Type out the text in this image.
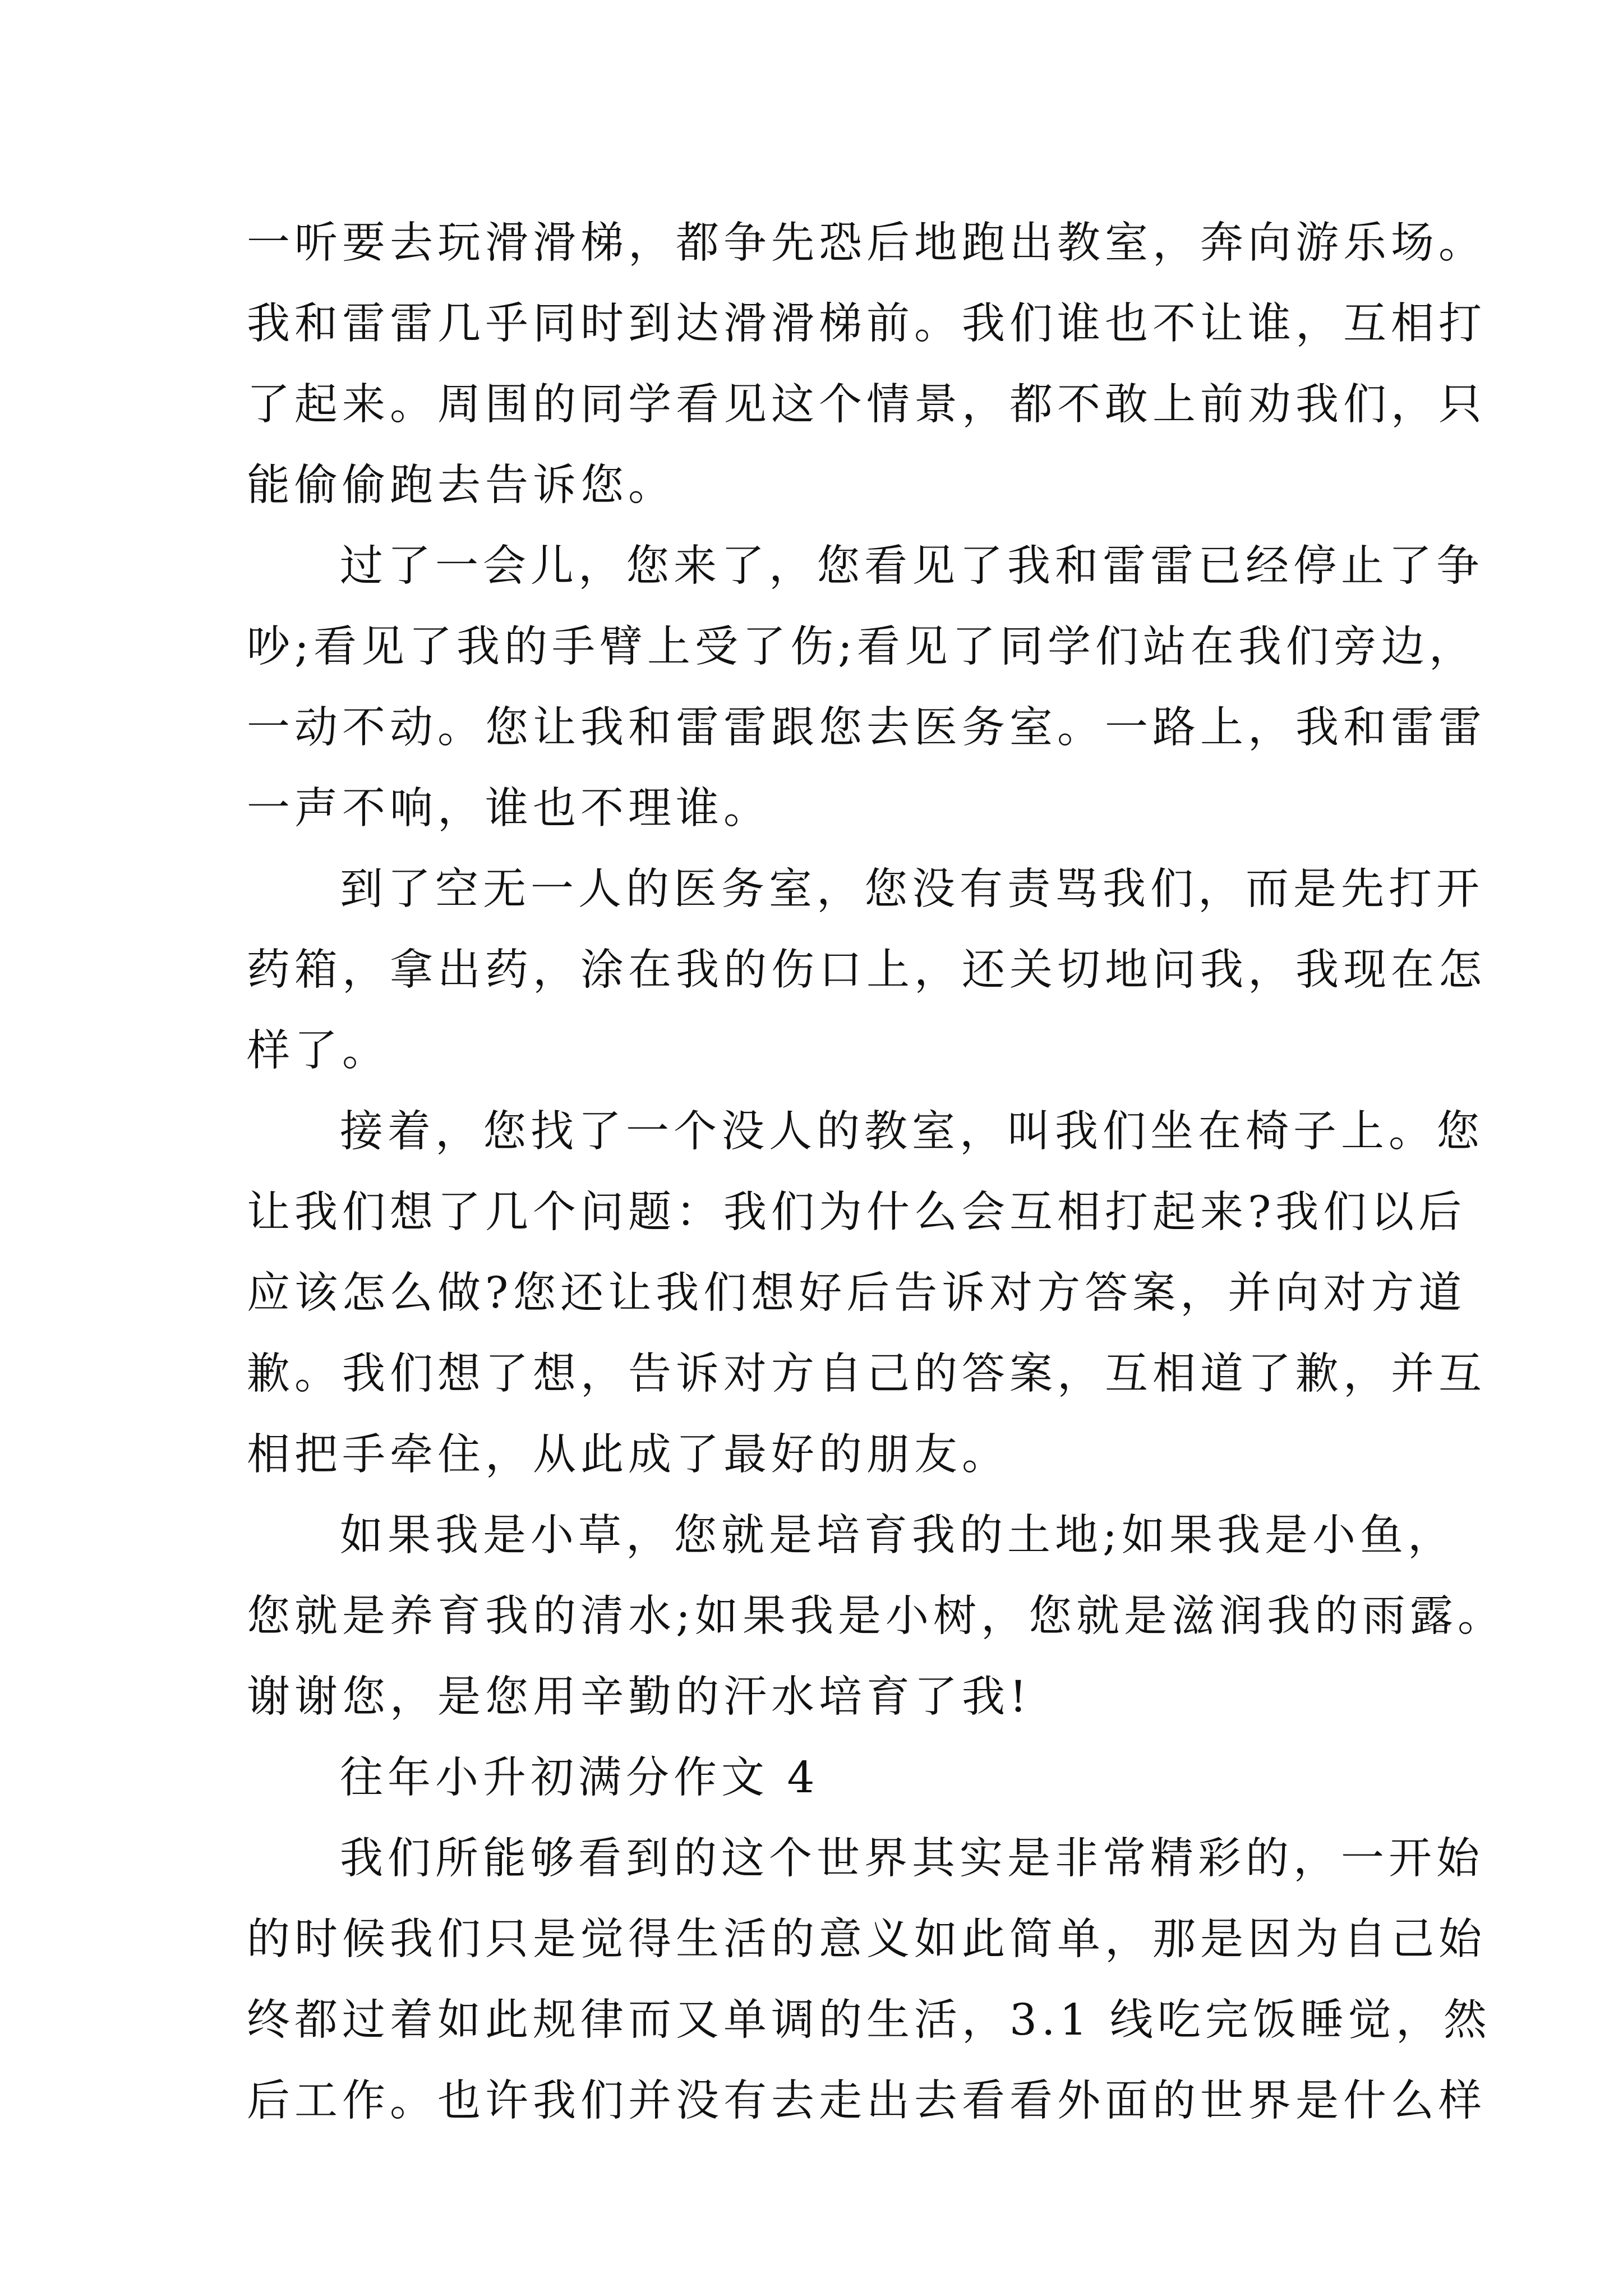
一听要去玩滑滑梯，都争先恐后地跑出教室，奔向游乐场。
我和雷雷几乎同时到达滑滑梯前。我们谁也不让谁，互相打
了起来。周围的同学看见这个情景，都不敢上前劝我们，只
能偷偷跑去告诉您。
过了一会儿，您来了，您看见了我和雷雷已经停止了争
吵;看见了我的手臂上受了伤;看见了同学们站在我们旁边，
一动不动。您让我和雷雷跟您去医务室。一路上，我和雷雷
一声不响，谁也不理谁。
到了空无一人的医务室，您没有责骂我们，而是先打开
药箱，拿出药，涂在我的伤口上，还关切地问我，我现在怎
样了。
接着，您找了一个没人的教室，叫我们坐在椅子上。您
让我们想了几个问题：我们为什么会互相打起来?我们以后
应该怎么做?您还让我们想好后告诉对方答案，并向对方道
歉。我们想了想，告诉对方自己的答案，互相道了歉，并互
相把手牵住，从此成了最好的朋友。
如果我是小草，您就是培育我的土地;如果我是小鱼，
您就是养育我的清水;如果我是小树，您就是滋润我的雨露。
谢谢您，是您用辛勤的汗水培育了我!
往年小升初满分作文 4
我们所能够看到的这个世界其实是非常精彩的，一开始
的时候我们只是觉得生活的意义如此简单，那是因为自己始
终都过着如此规律而又单调的生活，3.1 线吃完饭睡觉，然
后工作。也许我们并没有去走出去看看外面的世界是什么样
